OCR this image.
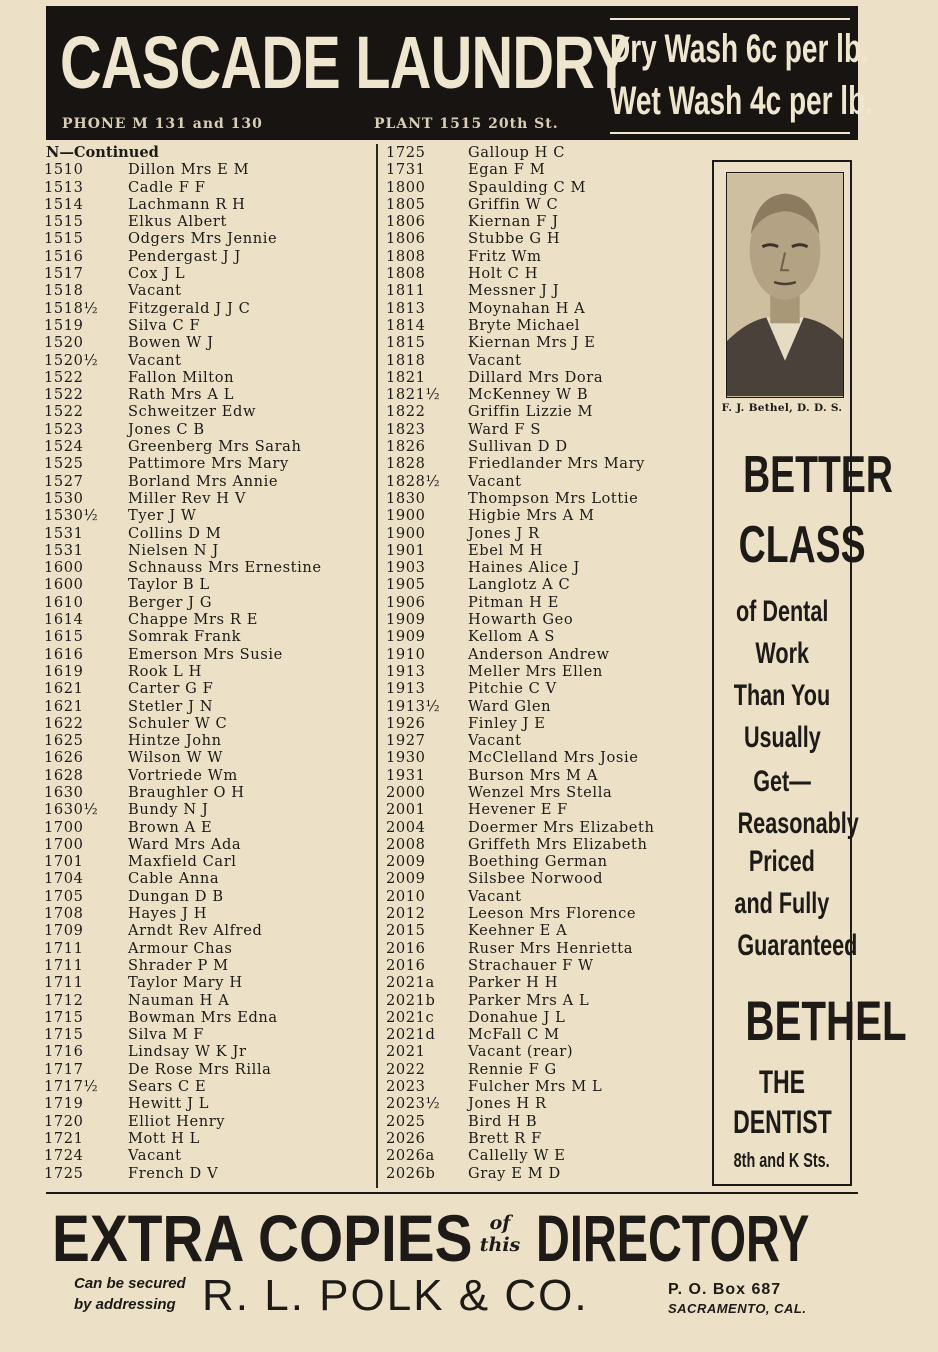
CASCADE LAUNDRY
PHONE M 131 and 130	PLANT 1515 20th St.
Dry Wash 6c per lb.
Wet Wash 4c per lb.
N—Continued
1510	Dillon Mrs E M
1513	Cadle F F
1514	Lachmann R H
1515	Elkus Albert
1515	Odgers Mrs Jennie
1516	Pendergast J J
1517	Cox J L
1518	Vacant
1518½	Fitzgerald J J C
1519	Silva C F
1520	Bowen W J
1520½	Vacant
1522	Fallon Milton
1522	Rath Mrs A L
1522	Schweitzer Edw
1523	Jones C B
1524	Greenberg Mrs Sarah
1525	Pattimore Mrs Mary
1527	Borland Mrs Annie
1530	Miller Rev H V
1530½	Tyer J W
1531	Collins D M
1531	Nielsen N J
1600	Schnauss Mrs Ernestine
1600	Taylor B L
1610	Berger J G
1614	Chappe Mrs R E
1615	Somrak Frank
1616	Emerson Mrs Susie
1619	Rook L H
1621	Carter G F
1621	Stetler J N
1622	Schuler W C
1625	Hintze John
1626	Wilson W W
1628	Vortriede Wm
1630	Braughler O H
1630½	Bundy N J
1700	Brown A E
1700	Ward Mrs Ada
1701	Maxfield Carl
1704	Cable Anna
1705	Dungan D B
1708	Hayes J H
1709	Arndt Rev Alfred
1711	Armour Chas
1711	Shrader P M
1711	Taylor Mary H
1712	Nauman H A
1715	Bowman Mrs Edna
1715	Silva M F
1716	Lindsay W K Jr
1717	De Rose Mrs Rilla
1717½	Sears C E
1719	Hewitt J L
1720	Elliot Henry
1721	Mott H L
1724	Vacant
1725	French D V
1725	Galloup H C
1731	Egan F M
1800	Spaulding C M
1805	Griffin W C
1806	Kiernan F J
1806	Stubbe G H
1808	Fritz Wm
1808	Holt C H
1811	Messner J J
1813	Moynahan H A
1814	Bryte Michael
1815	Kiernan Mrs J E
1818	Vacant
1821	Dillard Mrs Dora
1821½	McKenney W B
1822	Griffin Lizzie M
1823	Ward F S
1826	Sullivan D D
1828	Friedlander Mrs Mary
1828½	Vacant
1830	Thompson Mrs Lottie
1900	Higbie Mrs A M
1900	Jones J R
1901	Ebel M H
1903	Haines Alice J
1905	Langlotz A C
1906	Pitman H E
1909	Howarth Geo
1909	Kellom A S
1910	Anderson Andrew
1913	Meller Mrs Ellen
1913	Pitchie C V
1913½	Ward Glen
1926	Finley J E
1927	Vacant
1930	McClelland Mrs Josie
1931	Burson Mrs M A
2000	Wenzel Mrs Stella
2001	Hevener E F
2004	Doermer Mrs Elizabeth
2008	Griffeth Mrs Elizabeth
2009	Boething German
2009	Silsbee Norwood
2010	Vacant
2012	Leeson Mrs Florence
2015	Keehner E A
2016	Ruser Mrs Henrietta
2016	Strachauer F W
2021a	Parker H H
2021b	Parker Mrs A L
2021c	Donahue J L
2021d	McFall C M
2021	Vacant (rear)
2022	Rennie F G
2023	Fulcher Mrs M L
2023½	Jones H R
2025	Bird H B
2026	Brett R F
2026a	Callelly W E
2026b	Gray E M D
F. J. Bethel, D. D. S.
BETTER
CLASS
of Dental
Work
Than You
Usually
Get—
Reasonably
Priced
and Fully
Guaranteed
BETHEL
THE
DENTIST
8th and K Sts.
EXTRA COPIES of
this DIRECTORY
Can be secured
by addressing R. L. POLK & CO.	P. O. Box 687
SACRAMENTO, CAL.
